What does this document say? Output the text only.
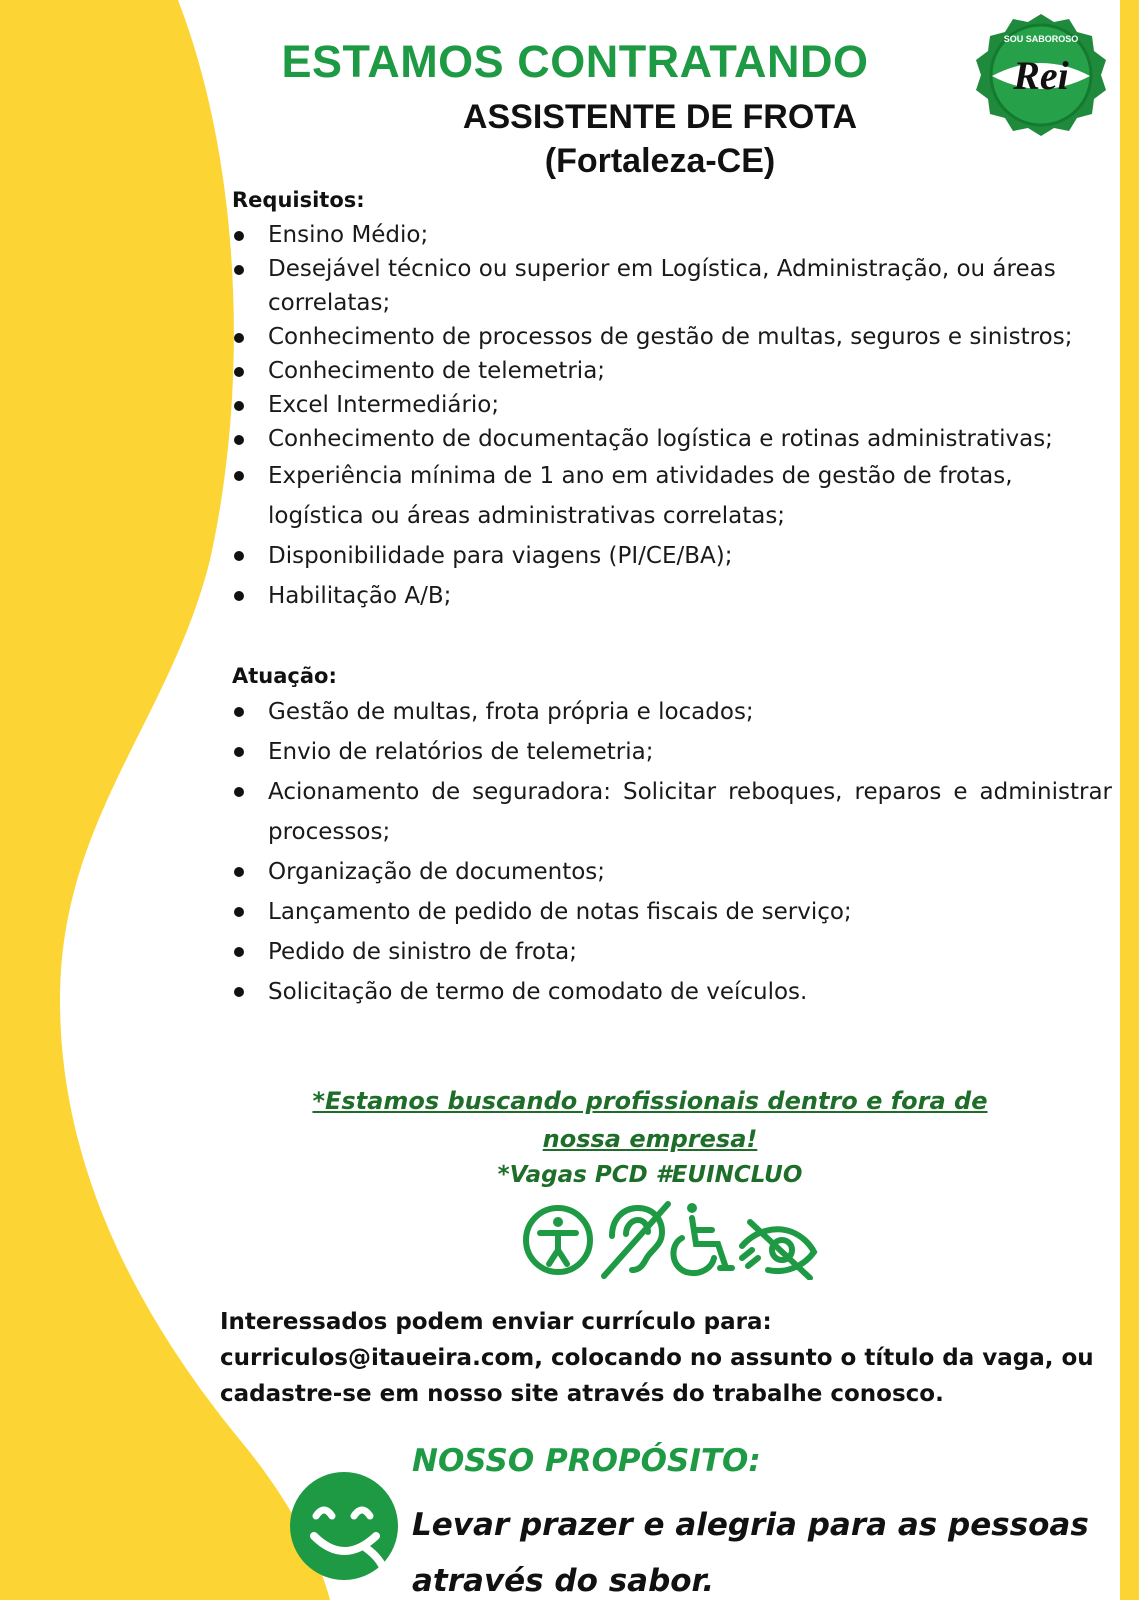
Rei
SOU SABOROSO
ESTAMOS CONTRATANDO
ASSISTENTE DE FROTA
(Fortaleza-CE)
Requisitos:
Ensino Médio;
Desejável técnico ou superior em Logística, Administração, ou áreas correlatas;
Conhecimento de processos de gestão de multas, seguros e sinistros;
Conhecimento de telemetria;
Excel Intermediário;
Conhecimento de documentação logística e rotinas administrativas;
Experiência mínima de 1 ano em atividades de gestão de frotas, logística ou áreas administrativas correlatas;
Disponibilidade para viagens (PI/CE/BA);
Habilitação A/B;
Atuação:
Gestão de multas, frota própria e locados;
Envio de relatórios de telemetria;
Acionamento de seguradora: Solicitar reboques, reparos e administrar processos;
Organização de documentos;
Lançamento de pedido de notas fiscais de serviço;
Pedido de sinistro de frota;
Solicitação de termo de comodato de veículos.
*Estamos buscando profissionais dentro e fora de nossa empresa!
*Vagas PCD #EUINCLUO
Interessados podem enviar currículo para: curriculos@itaueira.com, colocando no assunto o título da vaga, ou cadastre-se em nosso site através do trabalhe conosco.
NOSSO PROPÓSITO:
Levar prazer e alegria para as pessoas através do sabor.
